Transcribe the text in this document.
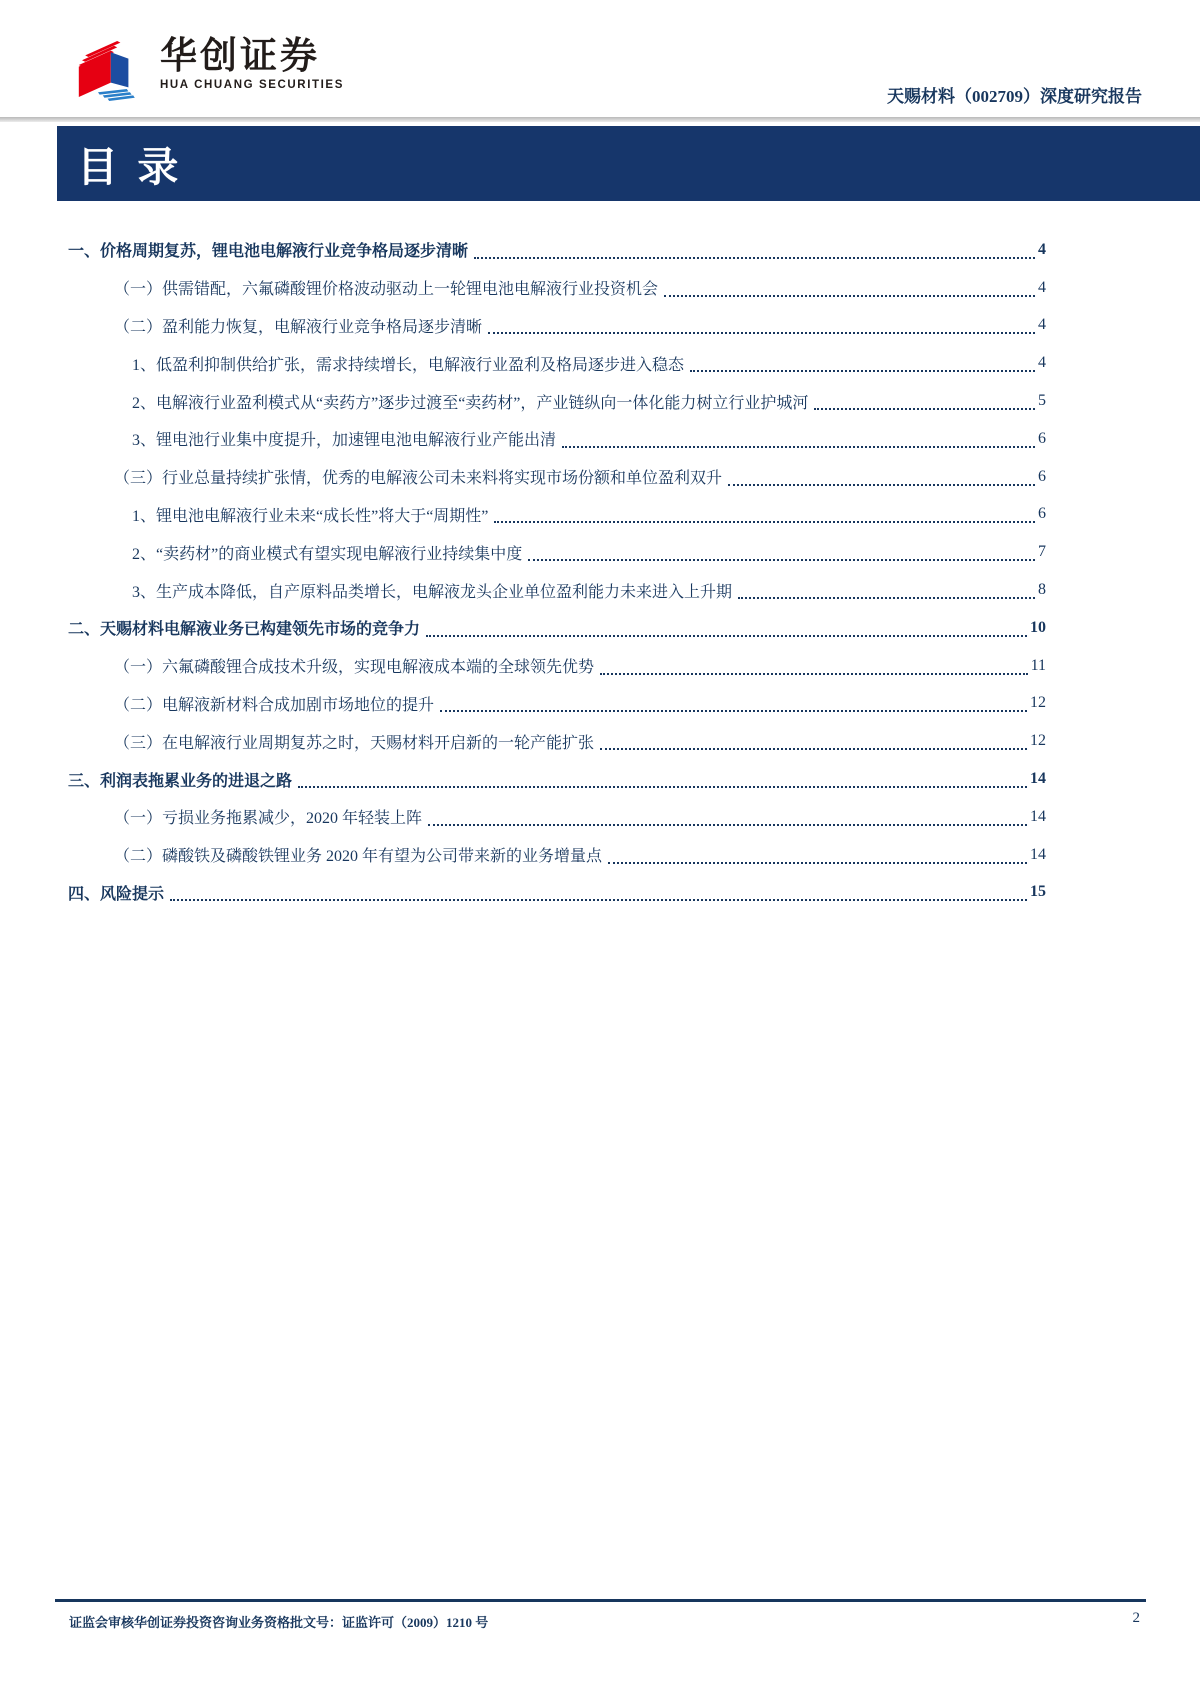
华创证券
HUA CHUANG SECURITIES
天赐材料（002709）深度研究报告
目 录
一、价格周期复苏，锂电池电解液行业竞争格局逐步清晰	4
（一）供需错配，六氟磷酸锂价格波动驱动上一轮锂电池电解液行业投资机会	4
（二）盈利能力恢复，电解液行业竞争格局逐步清晰	4
1、低盈利抑制供给扩张，需求持续增长，电解液行业盈利及格局逐步进入稳态	4
2、电解液行业盈利模式从“卖药方”逐步过渡至“卖药材”，产业链纵向一体化能力树立行业护城河	5
3、锂电池行业集中度提升，加速锂电池电解液行业产能出清	6
（三）行业总量持续扩张情，优秀的电解液公司未来料将实现市场份额和单位盈利双升	6
1、锂电池电解液行业未来“成长性”将大于“周期性”	6
2、“卖药材”的商业模式有望实现电解液行业持续集中度	7
3、生产成本降低，自产原料品类增长，电解液龙头企业单位盈利能力未来进入上升期	8
二、天赐材料电解液业务已构建领先市场的竞争力	10
（一）六氟磷酸锂合成技术升级，实现电解液成本端的全球领先优势	11
（二）电解液新材料合成加剧市场地位的提升	12
（三）在电解液行业周期复苏之时，天赐材料开启新的一轮产能扩张	12
三、利润表拖累业务的进退之路	14
（一）亏损业务拖累减少，2020 年轻装上阵	14
（二）磷酸铁及磷酸铁锂业务 2020 年有望为公司带来新的业务增量点	14
四、风险提示	15
证监会审核华创证券投资咨询业务资格批文号：证监许可（2009）1210 号	2
